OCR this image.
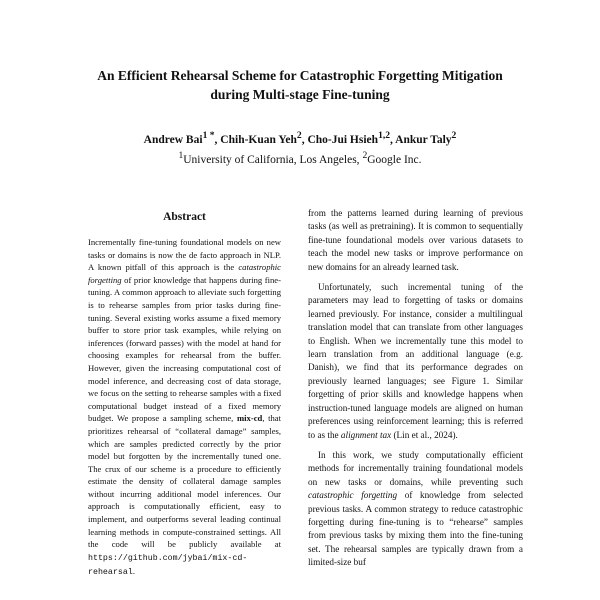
An Efficient Rehearsal Scheme for Catastrophic Forgetting Mitigation
during Multi-stage Fine-tuning
Andrew Bai$^{1 *}$, Chih-Kuan Yeh$^2$, Cho-Jui Hsieh$^{1,2}$, Ankur Taly$^2$
$^1$University of California, Los Angeles, $^2$Google Inc.
Abstract

Incrementally fine-tuning foundational models on new tasks or domains is now the de facto approach in NLP. A known pitfall of this approach is the catastrophic forgetting of prior knowledge that happens during fine-tuning. A common approach to alleviate such forgetting is to rehearse samples from prior tasks during fine-tuning. Several existing works assume a fixed memory buffer to store prior task examples, while relying on inferences (forward passes) with the model at hand for choosing examples for rehearsal from the buffer. However, given the increasing computational cost of model inference, and decreasing cost of data storage, we focus on the setting to rehearse samples with a fixed computational budget instead of a fixed memory budget. We propose a sampling scheme, mix-cd, that prioritizes rehearsal of “collateral damage” samples, which are samples predicted correctly by the prior model but forgotten by the incrementally tuned one. The crux of our scheme is a procedure to efficiently estimate the density of collateral damage samples without incurring additional model inferences. Our approach is computationally efficient, easy to implement, and outperforms several leading continual learning methods in compute-constrained settings. All the code will be publicly available at https://github.com/jybai/mix-cd-rehearsal.

from the patterns learned during learning of previous tasks (as well as pretraining). It is common to sequentially fine-tune foundational models over various datasets to teach the model new tasks or improve performance on new domains for an already learned task.

Unfortunately, such incremental tuning of the parameters may lead to forgetting of tasks or domains learned previously. For instance, consider a multilingual translation model that can translate from other languages to English. When we incrementally tune this model to learn translation from an additional language (e.g. Danish), we find that its performance degrades on previously learned languages; see Figure 1. Similar forgetting of prior skills and knowledge happens when instruction-tuned language models are aligned on human preferences using reinforcement learning; this is referred to as the alignment tax (Lin et al., 2024).

In this work, we study computationally efficient methods for incrementally training foundational models on new tasks or domains, while preventing such catastrophic forgetting of knowledge from selected previous tasks. A common strategy to reduce catastrophic forgetting during fine-tuning is to “rehearse” samples from previous tasks by mixing them into the fine-tuning set. The rehearsal samples are typically drawn from a limited-size buf
